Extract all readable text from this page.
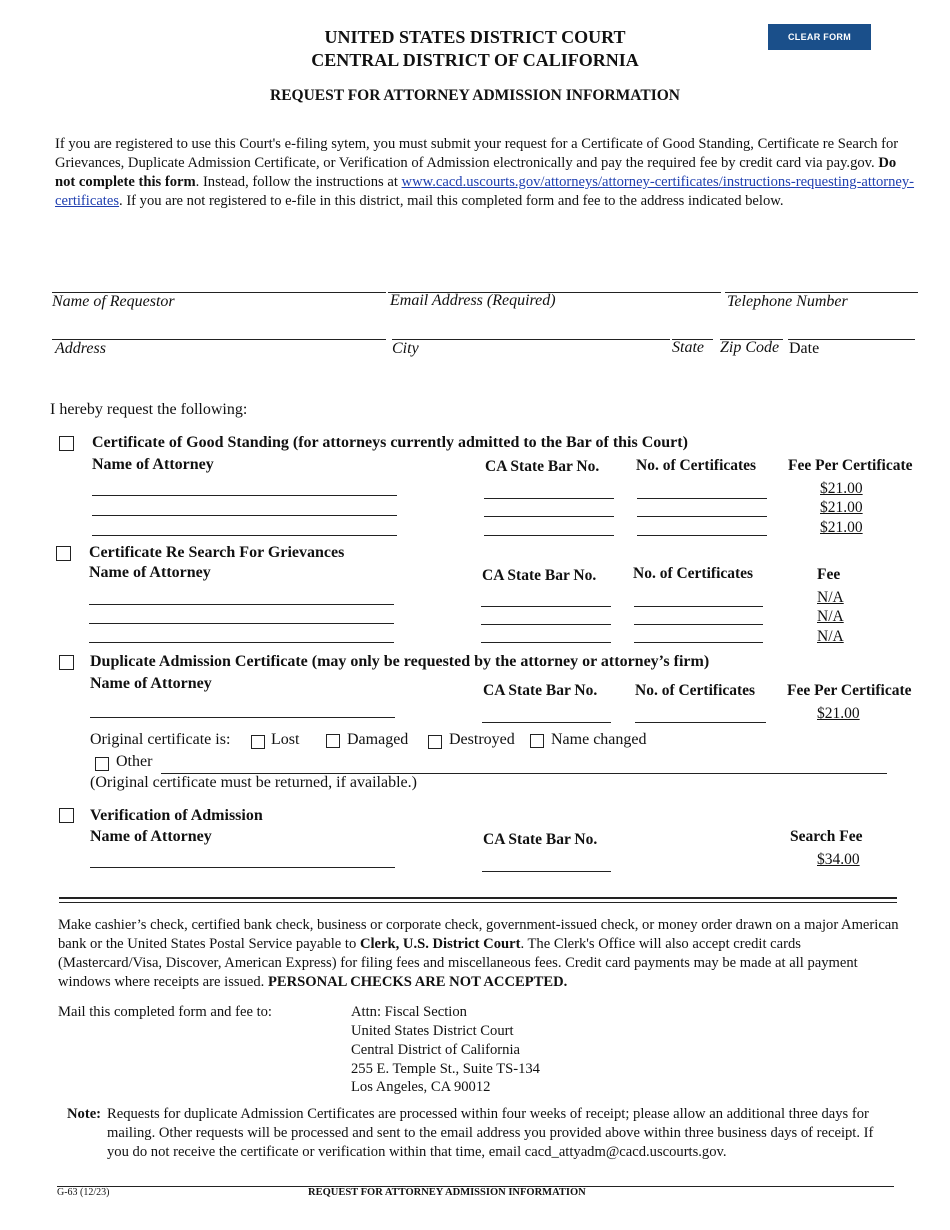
UNITED STATES DISTRICT COURT
CENTRAL DISTRICT OF CALIFORNIA
REQUEST FOR ATTORNEY ADMISSION INFORMATION
CLEAR FORM
If you are registered to use this Court's e-filing sytem, you must submit your request for a Certificate of Good Standing, Certificate re Search for Grievances, Duplicate Admission Certificate, or Verification of Admission electronically and pay the required fee by credit card via pay.gov. Do not complete this form. Instead, follow the instructions at www.cacd.uscourts.gov/attorneys/attorney-certificates/instructions-requesting-attorney-certificates. If you are not registered to e-file in this district, mail this completed form and fee to the address indicated below.
Name of Requestor	Email Address (Required)	Telephone Number
Address	City	State Zip Code Date
I hereby request the following:
Certificate of Good Standing (for attorneys currently admitted to the Bar of this Court)
Name of Attorney	CA State Bar No. No. of Certificates Fee Per Certificate
$21.00
$21.00
$21.00
Certificate Re Search For Grievances
Name of Attorney	CA State Bar No. No. of Certificates	Fee
N/A
N/A
N/A
Duplicate Admission Certificate (may only be requested by the attorney or attorney’s firm)
Name of Attorney	CA State Bar No. No. of Certificates Fee Per Certificate
$21.00
Original certificate is:	Lost	Damaged	Destroyed Name changed
Other
(Original certificate must be returned, if available.)
Verification of Admission
Name of Attorney	CA State Bar No.	Search Fee
$34.00
Make cashier’s check, certified bank check, business or corporate check, government-issued check, or money order drawn on a major American bank or the United States Postal Service payable to Clerk, U.S. District Court. The Clerk's Office will also accept credit cards (Mastercard/Visa, Discover, American Express) for filing fees and miscellaneous fees. Credit card payments may be made at all payment windows where receipts are issued. PERSONAL CHECKS ARE NOT ACCEPTED.
Mail this completed form and fee to:	Attn: Fiscal Section
United States District Court
Central District of California
255 E. Temple St., Suite TS-134
Los Angeles, CA 90012
Note: Requests for duplicate Admission Certificates are processed within four weeks of receipt; please allow an additional three days for mailing. Other requests will be processed and sent to the email address you provided above within three business days of receipt. If you do not receive the certificate or verification within that time, email cacd_attyadm@cacd.uscourts.gov.
G-63 (12/23)	REQUEST FOR ATTORNEY ADMISSION INFORMATION
